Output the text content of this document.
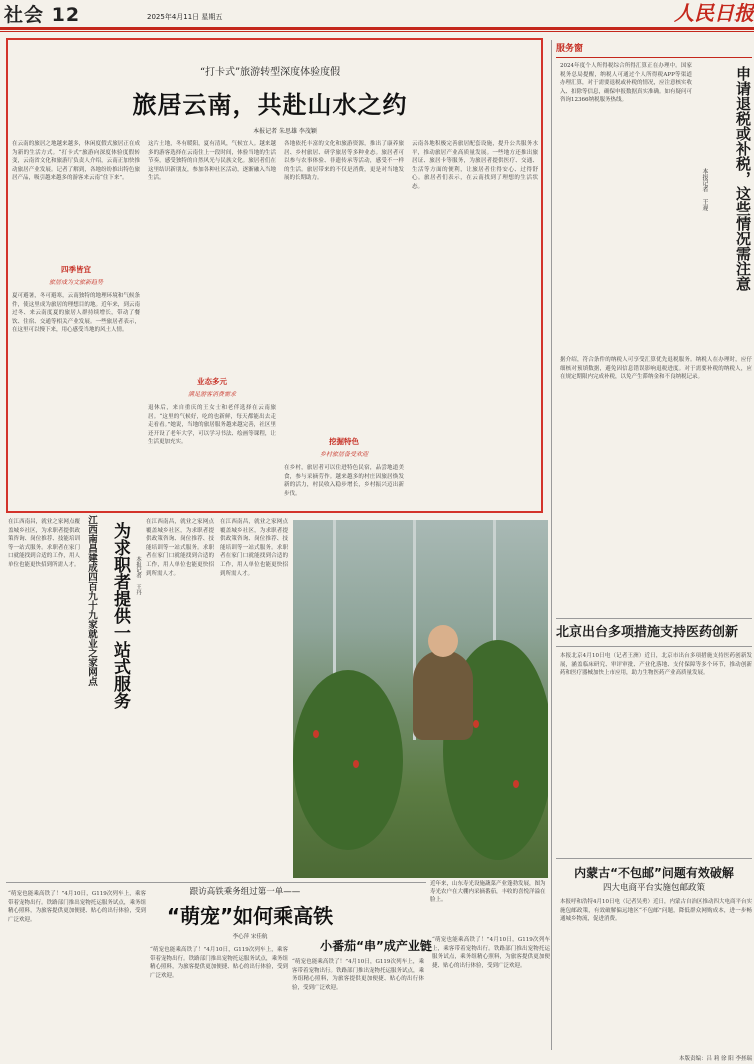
社会 12	2025年4月11日 星期五	人民日报
“打卡式”旅游转型深度体验度假
旅居云南，共赴山水之约
本报记者 朱思雄 李茂颖
在云南的旅居之地越来越多，休闲度假式旅居正在成为新的生活方式。“打卡式”旅游向深度体验度假转变，云南省文化和旅游厅负责人介绍，云南正加快推动旅居产业发展。记者了解到，各地纷纷推出特色旅居产品，吸引越来越多的游客来云南“住下来”。
四季皆宜
旅居成为文旅新趋势
夏可避暑，冬可避寒，云南独特的地理环境和气候条件，使这里成为旅居的理想目的地。近年来，到云南过冬、来云南度夏的旅居人群持续增长，带动了餐饮、住宿、交通等相关产业发展。一些旅居者表示，在这里可以慢下来，用心感受当地的风土人情。
这片土地，冬有暖阳，夏有清风，气候宜人。越来越多的游客选择在云南住上一段时间，体验当地的生活节奏，感受独特的自然风光与民族文化。旅居者们在这里结识新朋友，参加各种社区活动，逐渐融入当地生活。
业态多元
满足游客消费需求
退休后，来自重庆的王女士和老伴选择在云南旅居。“这里的气候好，吃的也新鲜，每天都能出去走走看看。”她说，当地的旅居服务越来越完善，社区里还开设了老年大学，可以学习书法、绘画等课程，让生活更加充实。
各地依托丰富的文化和旅游资源，推出了康养旅居、乡村旅居、研学旅居等多种业态。旅居者可以参与农事体验、非遗传承等活动，感受不一样的生活。旅居带来的不仅是消费，更是对当地发展的长期助力。
挖掘特色
乡村旅居备受欢迎
在乡村，旅居者可以住进特色民宿，品尝地道美食，参与采摘劳作。越来越多的村庄因旅居焕发新的活力，村民收入稳步增长，乡村振兴迈出新步伐。
云南各地积极完善旅居配套设施，提升公共服务水平，推动旅居产业高质量发展。一些地方还推出旅居证、旅居卡等服务，为旅居者提供医疗、交通、生活等方面的便利，让旅居者住得安心、过得舒心。旅居者们表示，在云南找到了理想的生活状态。
服务窗
申请退税或补税，这些情况需注意
本报记者 王观
2024年度个人所得税综合所得汇算正在办理中。国家税务总局提醒，纳税人可通过个人所得税APP等渠道办理汇算，对于需要退税或补税的情况，应注意核实收入、扣除等信息，确保申报数据真实准确。如有疑问可咨询12366纳税服务热线。
据介绍，符合条件的纳税人可享受汇算优先退税服务。纳税人在办理时，应仔细核对预填数据，避免因信息错误影响退税进度。对于需要补税的纳税人，应在规定期限内完成补税，以免产生滞纳金和不良纳税记录。
北京出台多项措施支持医药创新
本报北京4月10日电（记者王洲）近日，北京市出台多项措施支持医药创新发展，涵盖临床研究、审评审批、产业化落地、支付保障等多个环节，推动创新药和医疗器械加快上市应用，助力生物医药产业高质量发展。
内蒙古“不包邮”问题有效破解
四大电商平台实施包邮政策
本报呼和浩特4月10日电（记者吴勇）近日，内蒙古自治区推动四大电商平台实施包邮政策，有效破解偏远地区“不包邮”问题，降低群众网购成本，进一步畅通城乡物流，促进消费。
在江西南昌，就业之家网点覆盖城乡社区，为求职者提供政策咨询、岗位推荐、技能培训等一站式服务。求职者在家门口就能找到合适的工作，用人单位也能更快招到所需人才。 江西南昌建成四百九十九家就业之家网点 为求职者提供一站式服务 本报记者 王丹
在江西南昌，就业之家网点覆盖城乡社区，为求职者提供政策咨询、岗位推荐、技能培训等一站式服务。求职者在家门口就能找到合适的工作，用人单位也能更快招到所需人才。
在江西南昌，就业之家网点覆盖城乡社区，为求职者提供政策咨询、岗位推荐、技能培训等一站式服务。求职者在家门口就能找到合适的工作，用人单位也能更快招到所需人才。
近年来，山东寿光设施蔬菜产业蓬勃发展，图为寿光农户在大棚内采摘番茄，丰收的喜悦洋溢在脸上。
小番茄“串”成产业链
跟访高铁乘务组过第一单——
“萌宠”如何乘高铁
李心萍 宋佳航
“萌宠也能乘高铁了！”4月10日，G119次列车上，乘客带着宠物出行。铁路部门推出宠物托运服务试点，乘务组精心照料，为旅客提供更加便捷、贴心的出行体验，受到广泛欢迎。
“萌宠也能乘高铁了！”4月10日，G119次列车上，乘客带着宠物出行。铁路部门推出宠物托运服务试点，乘务组精心照料，为旅客提供更加便捷、贴心的出行体验，受到广泛欢迎。
“萌宠也能乘高铁了！”4月10日，G119次列车上，乘客带着宠物出行。铁路部门推出宠物托运服务试点，乘务组精心照料，为旅客提供更加便捷、贴心的出行体验，受到广泛欢迎。
“萌宠也能乘高铁了！”4月10日，G119次列车上，乘客带着宠物出行。铁路部门推出宠物托运服务试点，乘务组精心照料，为旅客提供更加便捷、贴心的出行体验，受到广泛欢迎。
本版责编：吕 莉 徐 阳 李拯瑞
